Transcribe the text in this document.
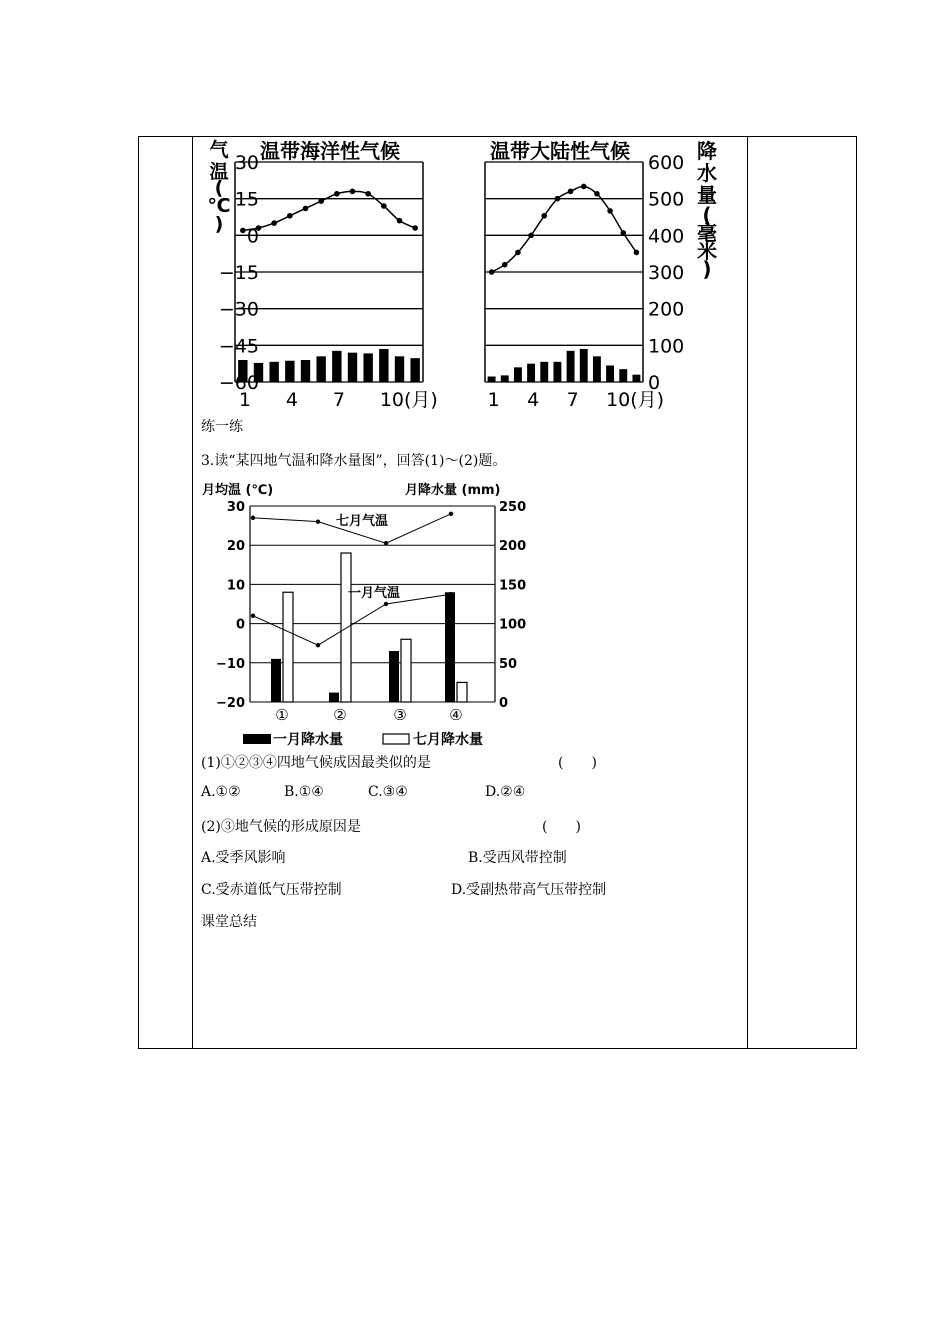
温带海洋性气候
1 4 7 10(月)
温带大陆性气候
1 4 7 10(月)
30
15
0
−15
−30
−45
−60
气
温
(
℃
)
600
500
400
300
200
100
0
降
水
量
(
毫
米
)
练一练
3.读“某四地气温和降水量图”，回答(1)～(2)题。
月均温 (℃)	月降水量 (mm)
30	250
20	200
10	150
0	100
−10	50
−20	0
七月气温
一月气温
①	②	③	④
一月降水量	七月降水量
(1)①②③④四地气候成因最类似的是	(　　)
A.①②	B.①④	C.③④	D.②④
(2)③地气候的形成原因是	(　　)
A.受季风影响	B.受西风带控制
C.受赤道低气压带控制	D.受副热带高气压带控制
课堂总结
